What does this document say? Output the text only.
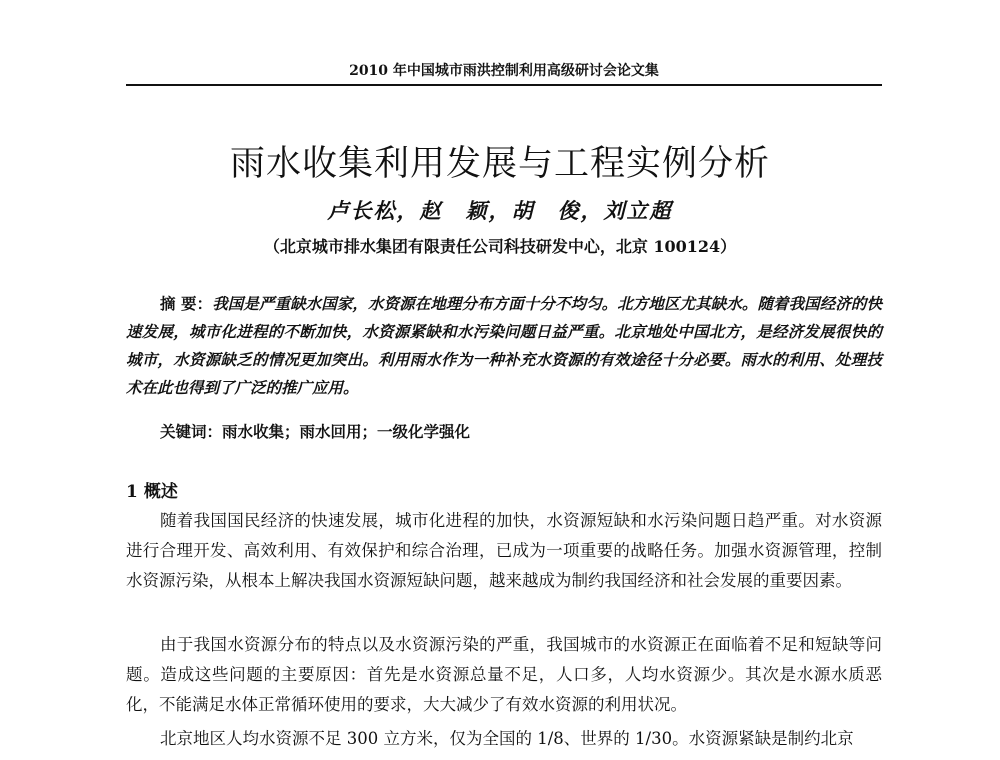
2010 年中国城市雨洪控制利用高级研讨会论文集
雨水收集利用发展与工程实例分析
卢长松，赵　颖，胡　俊，刘立超
（北京城市排水集团有限责任公司科技研发中心，北京 100124）

摘 要：我国是严重缺水国家，水资源在地理分布方面十分不均匀。北方地区尤其缺水。随着我国经济的快速发展，城市化进程的不断加快，水资源紧缺和水污染问题日益严重。北京地处中国北方，是经济发展很快的城市，水资源缺乏的情况更加突出。利用雨水作为一种补充水资源的有效途径十分必要。雨水的利用、处理技术在此也得到了广泛的推广应用。

关键词：雨水收集；雨水回用；一级化学强化
1 概述

随着我国国民经济的快速发展，城市化进程的加快，水资源短缺和水污染问题日趋严重。对水资源进行合理开发、高效利用、有效保护和综合治理，已成为一项重要的战略任务。加强水资源管理，控制水资源污染，从根本上解决我国水资源短缺问题，越来越成为制约我国经济和社会发展的重要因素。

由于我国水资源分布的特点以及水资源污染的严重，我国城市的水资源正在面临着不足和短缺等问题。造成这些问题的主要原因：首先是水资源总量不足，人口多，人均水资源少。其次是水源水质恶化，不能满足水体正常循环使用的要求，大大减少了有效水资源的利用状况。

北京地区人均水资源不足 300 立方米，仅为全国的 1/8、世界的 1/30。水资源紧缺是制约北京
